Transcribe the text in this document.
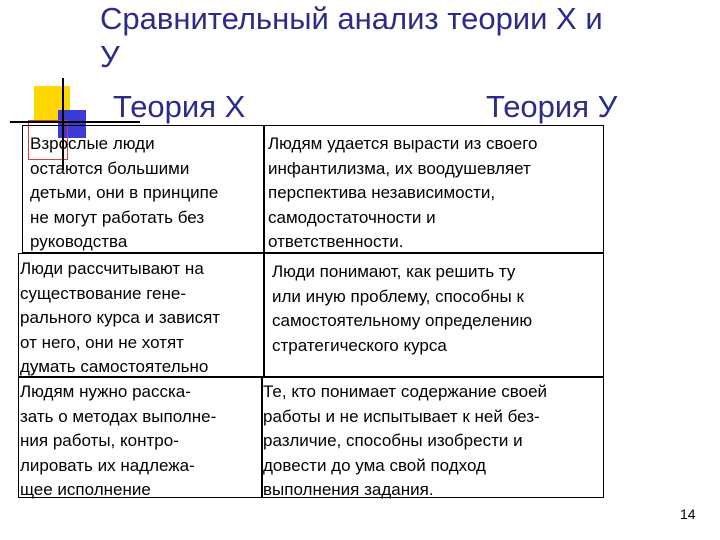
Сравнительный анализ теории Х и
У
Теория Х	Теория У
Взрослые люди
остаются большими
детьми, они в принципе
не могут работать без
руководства
Людям удается вырасти из своего
инфантилизма, их воодушевляет
перспектива независимости,
самодостаточности и
ответственности.
Люди рассчитывают на
существование гене-
рального курса и зависят
от него, они не хотят
думать самостоятельно
Люди понимают, как решить ту
или иную проблему, способны к
самостоятельному определению
стратегического курса
Людям нужно расска-
зать о методах выполне-
ния работы, контро-
лировать их надлежа-
щее исполнение
Те, кто понимает содержание своей
работы и не испытывает к ней без-
различие, способны изобрести и
довести до ума свой подход
выполнения задания.
14
